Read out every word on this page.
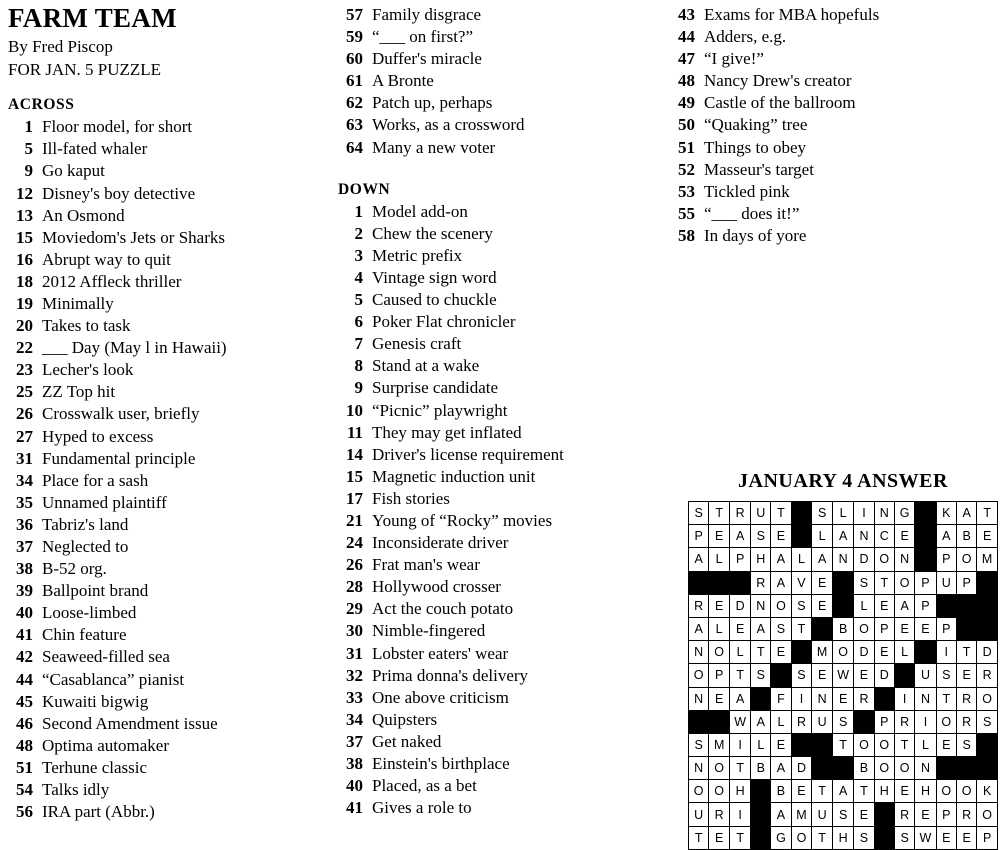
FARM TEAM

By Fred Piscop

FOR JAN. 5 PUZZLE

ACROSS
1 Floor model, for short
5 Ill-fated whaler
9 Go kaput
12 Disney's boy detective
13 An Osmond
15 Moviedom's Jets or Sharks
16 Abrupt way to quit
18 2012 Affleck thriller
19 Minimally
20 Takes to task
22 ___ Day (May l in Hawaii)
23 Lecher's look
25 ZZ Top hit
26 Crosswalk user, briefly
27 Hyped to excess
31 Fundamental principle
34 Place for a sash
35 Unnamed plaintiff
36 Tabriz's land
37 Neglected to
38 B-52 org.
39 Ballpoint brand
40 Loose-limbed
41 Chin feature
42 Seaweed-filled sea
44 “Casablanca” pianist
45 Kuwaiti bigwig
46 Second Amendment issue
48 Optima automaker
51 Terhune classic
54 Talks idly
56 IRA part (Abbr.)
57 Family disgrace
59 “___ on first?”
60 Duffer's miracle
61 A Bronte
62 Patch up, perhaps
63 Works, as a crossword
64 Many a new voter
DOWN
1 Model add-on
2 Chew the scenery
3 Metric prefix
4 Vintage sign word
5 Caused to chuckle
6 Poker Flat chronicler
7 Genesis craft
8 Stand at a wake
9 Surprise candidate
10 “Picnic” playwright
11 They may get inflated
14 Driver's license requirement
15 Magnetic induction unit
17 Fish stories
21 Young of “Rocky” movies
24 Inconsiderate driver
26 Frat man's wear
28 Hollywood crosser
29 Act the couch potato
30 Nimble-fingered
31 Lobster eaters' wear
32 Prima donna's delivery
33 One above criticism
34 Quipsters
37 Get naked
38 Einstein's birthplace
40 Placed, as a bet
41 Gives a role to
43 Exams for MBA hopefuls
44 Adders, e.g.
47 “I give!”
48 Nancy Drew's creator
49 Castle of the ballroom
50 “Quaking” tree
51 Things to obey
52 Masseur's target
53 Tickled pink
55 “___ does it!”
58 In days of yore
JANUARY 4 ANSWER
S	T	R	U	T		S	L	I	N	G		K	A	T
P	E	A	S	E		L	A	N	C	E		A	B	E
A	L	P	H	A	L	A	N	D	O	N		P	O	M
			R	A	V	E		S	T	O	P	U	P	
R	E	D	N	O	S	E		L	E	A	P			
A	L	E	A	S	T		B	O	P	E	E	P		
N	O	L	T	E		M	O	D	E	L		I	T	D
O	P	T	S		S	E	W	E	D		U	S	E	R
N	E	A		F	I	N	E	R		I	N	T	R	O
		W	A	L	R	U	S		P	R	I	O	R	S
S	M	I	L	E			T	O	O	T	L	E	S	
N	O	T	B	A	D			B	O	O	N			
O	O	H		B	E	T	A	T	H	E	H	O	O	K
U	R	I		A	M	U	S	E		R	E	P	R	O
T	E	T		G	O	T	H	S		S	W	E	E	P
